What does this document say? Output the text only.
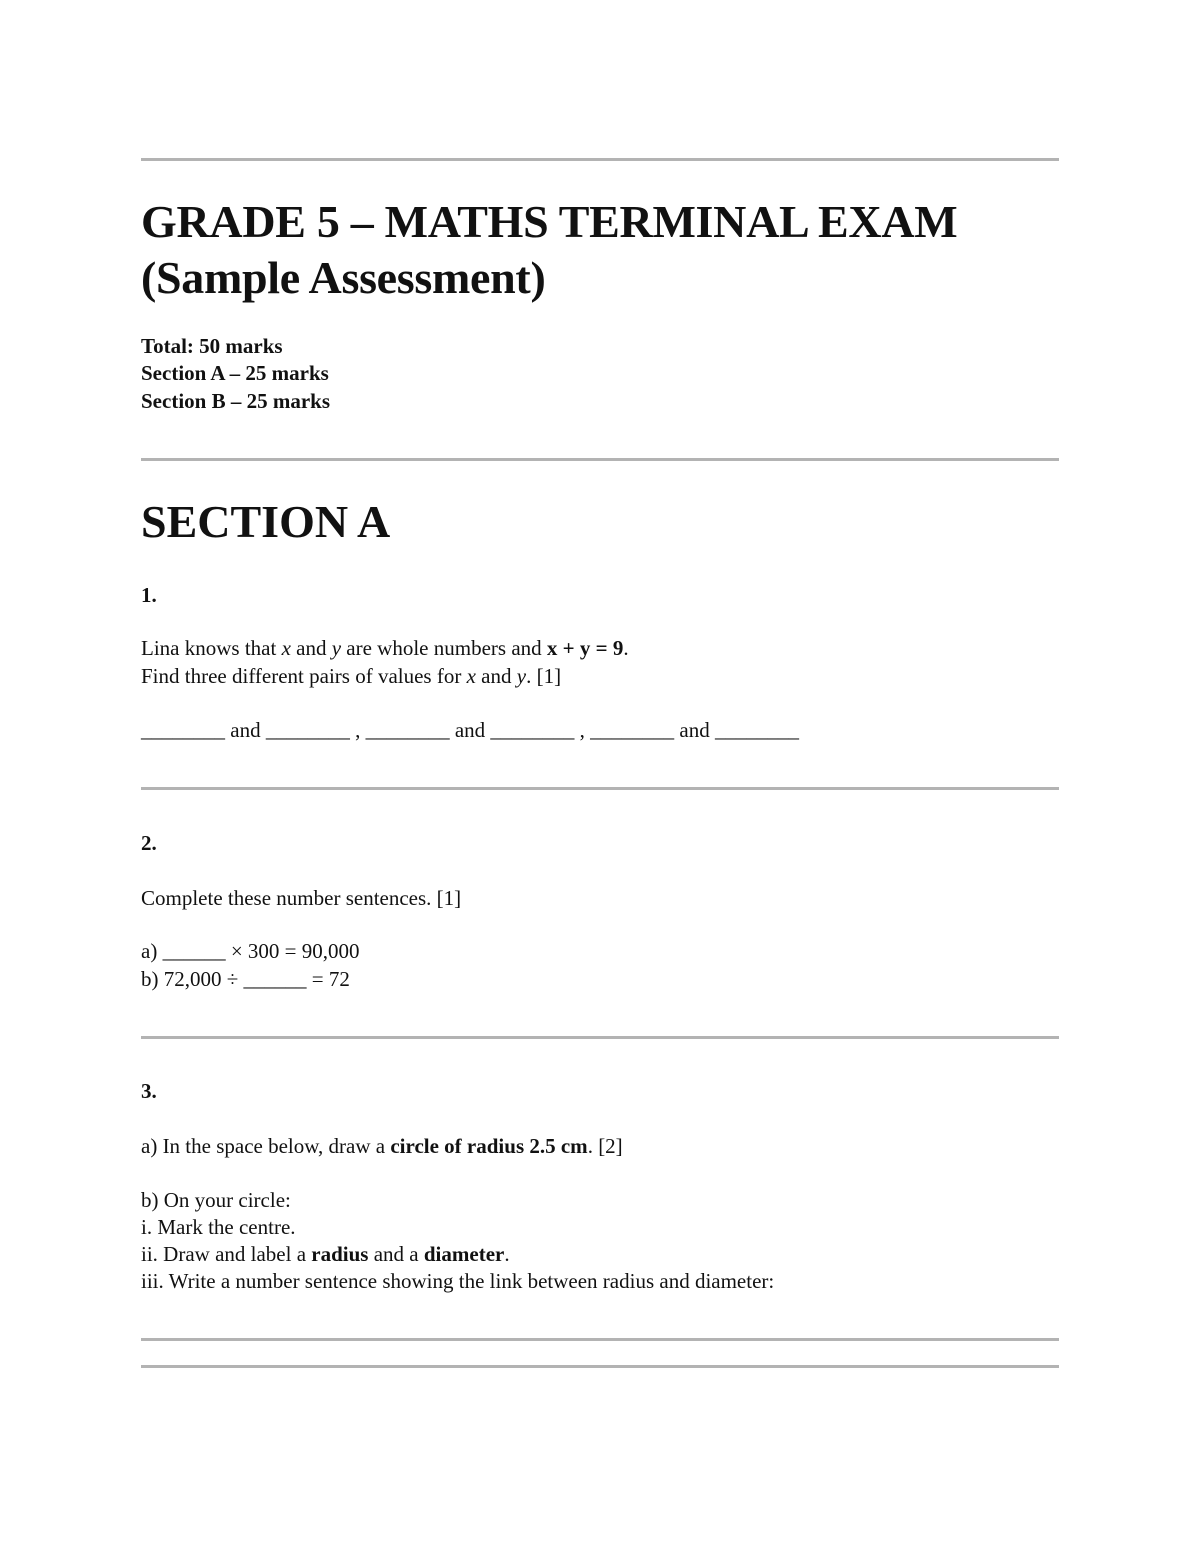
GRADE 5 – MATHS TERMINAL EXAM
(Sample Assessment)
Total: 50 marks
Section A – 25 marks
Section B – 25 marks
SECTION A
1.
Lina knows that x and y are whole numbers and x + y = 9.
Find three different pairs of values for x and y. [1]
________ and ________ , ________ and ________ , ________ and ________
2.
Complete these number sentences. [1]
a) ______ × 300 = 90,000
b) 72,000 ÷ ______ = 72
3.
a) In the space below, draw a circle of radius 2.5 cm. [2]
b) On your circle:
i. Mark the centre.
ii. Draw and label a radius and a diameter.
iii. Write a number sentence showing the link between radius and diameter:
